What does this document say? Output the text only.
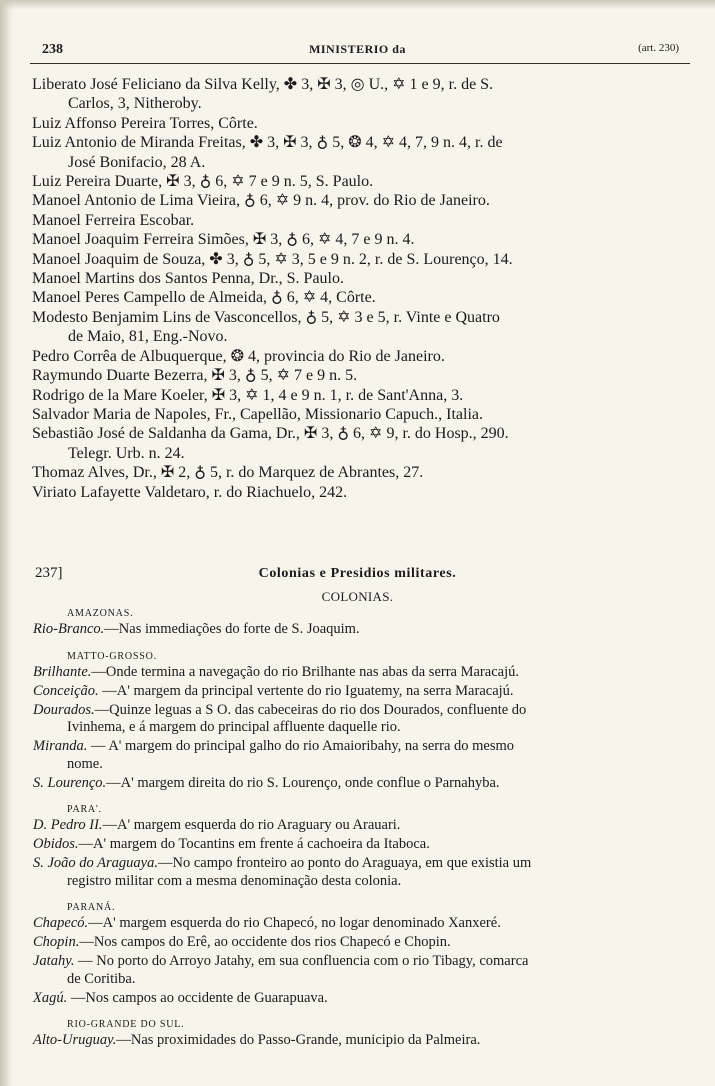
238	MINISTERIO da	(art. 230)

Liberato José Feliciano da Silva Kelly, ✤ 3, ✠ 3, ◎ U., ✡ 1 e 9, r. de S.
Carlos, 3, Nitheroby.

Luiz Affonso Pereira Torres, Côrte.

Luiz Antonio de Miranda Freitas, ✤ 3, ✠ 3, ♁ 5, ❂ 4, ✡ 4, 7, 9 n. 4, r. de
José Bonifacio, 28 A.

Luiz Pereira Duarte, ✠ 3, ♁ 6, ✡ 7 e 9 n. 5, S. Paulo.

Manoel Antonio de Lima Vieira, ♁ 6, ✡ 9 n. 4, prov. do Rio de Janeiro.

Manoel Ferreira Escobar.

Manoel Joaquim Ferreira Simões, ✠ 3, ♁ 6, ✡ 4, 7 e 9 n. 4.

Manoel Joaquim de Souza, ✤ 3, ♁ 5, ✡ 3, 5 e 9 n. 2, r. de S. Lourenço, 14.

Manoel Martins dos Santos Penna, Dr., S. Paulo.

Manoel Peres Campello de Almeida, ♁ 6, ✡ 4, Côrte.

Modesto Benjamim Lins de Vasconcellos, ♁ 5, ✡ 3 e 5, r. Vinte e Quatro
de Maio, 81, Eng.-Novo.

Pedro Corrêa de Albuquerque, ❂ 4, provincia do Rio de Janeiro.

Raymundo Duarte Bezerra, ✠ 3, ♁ 5, ✡ 7 e 9 n. 5.

Rodrigo de la Mare Koeler, ✠ 3, ✡ 1, 4 e 9 n. 1, r. de Sant'Anna, 3.

Salvador Maria de Napoles, Fr., Capellão, Missionario Capuch., Italia.

Sebastião José de Saldanha da Gama, Dr., ✠ 3, ♁ 6, ✡ 9, r. do Hosp., 290.
Telegr. Urb. n. 24.

Thomaz Alves, Dr., ✠ 2, ♁ 5, r. do Marquez de Abrantes, 27.

Viriato Lafayette Valdetaro, r. do Riachuelo, 242.

237]	Colonias e Presidios militares.
COLONIAS.
AMAZONAS.

Rio-Branco.—Nas immediações do forte de S. Joaquim.

MATTO-GROSSO.

Brilhante.—Onde termina a navegação do rio Brilhante nas abas da serra Maracajú.

Conceição. —A' margem da principal vertente do rio Iguatemy, na serra Maracajú.

Dourados.—Quinze leguas a S O. das cabeceiras do rio dos Dourados, confluente do
Ivinhema, e á margem do principal affluente daquelle rio.

Miranda. — A' margem do principal galho do rio Amaioribahy, na serra do mesmo
nome.

S. Lourenço.—A' margem direita do rio S. Lourenço, onde conflue o Parnahyba.

PARA'.

D. Pedro II.—A' margem esquerda do rio Araguary ou Arauari.

Obidos.—A' margem do Tocantins em frente á cachoeira da Itaboca.

S. João do Araguaya.—No campo fronteiro ao ponto do Araguaya, em que existia um
registro militar com a mesma denominação desta colonia.

PARANÁ.

Chapecó.—A' margem esquerda do rio Chapecó, no logar denominado Xanxeré.

Chopin.—Nos campos do Erê, ao occidente dos rios Chapecó e Chopin.

Jatahy. — No porto do Arroyo Jatahy, em sua confluencia com o rio Tibagy, comarca
de Coritiba.

Xagú. —Nos campos ao occidente de Guarapuava.

RIO-GRANDE DO SUL.

Alto-Uruguay.—Nas proximidades do Passo-Grande, municipio da Palmeira.
